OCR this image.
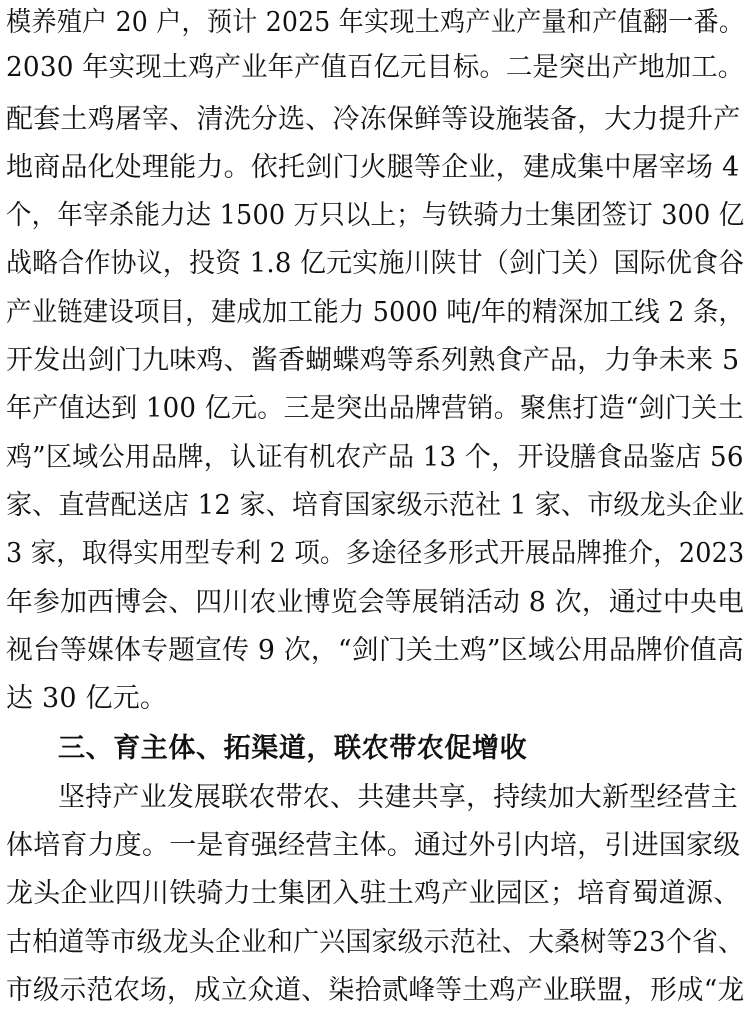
模养殖户 20 户，预计 2025 年实现土鸡产业产量和产值翻一番。
2030 年实现土鸡产业年产值百亿元目标。二是突出产地加工。
配套土鸡屠宰、清洗分选、冷冻保鲜等设施装备，大力提升产
地商品化处理能力。依托剑门火腿等企业，建成集中屠宰场 4
个，年宰杀能力达 1500 万只以上；与铁骑力士集团签订 300 亿
战略合作协议，投资 1.8 亿元实施川陕甘（剑门关）国际优食谷
产业链建设项目，建成加工能力 5000 吨/年的精深加工线 2 条，
开发出剑门九味鸡、酱香蝴蝶鸡等系列熟食产品，力争未来 5
年产值达到 100 亿元。三是突出品牌营销。聚焦打造“剑门关土
鸡”区域公用品牌，认证有机农产品 13 个，开设膳食品鉴店 56
家、直营配送店 12 家、培育国家级示范社 1 家、市级龙头企业
3 家，取得实用型专利 2 项。多途径多形式开展品牌推介，2023
年参加西博会、四川农业博览会等展销活动 8 次，通过中央电
视台等媒体专题宣传 9 次，“剑门关土鸡”区域公用品牌价值高
达 30 亿元。
三、育主体、拓渠道，联农带农促增收
坚持产业发展联农带农、共建共享，持续加大新型经营主
体培育力度。一是育强经营主体。通过外引内培，引进国家级
龙头企业四川铁骑力士集团入驻土鸡产业园区；培育蜀道源、
古柏道等市级龙头企业和广兴国家级示范社、大桑树等23个省、
市级示范农场，成立众道、柒拾贰峰等土鸡产业联盟，形成“龙
